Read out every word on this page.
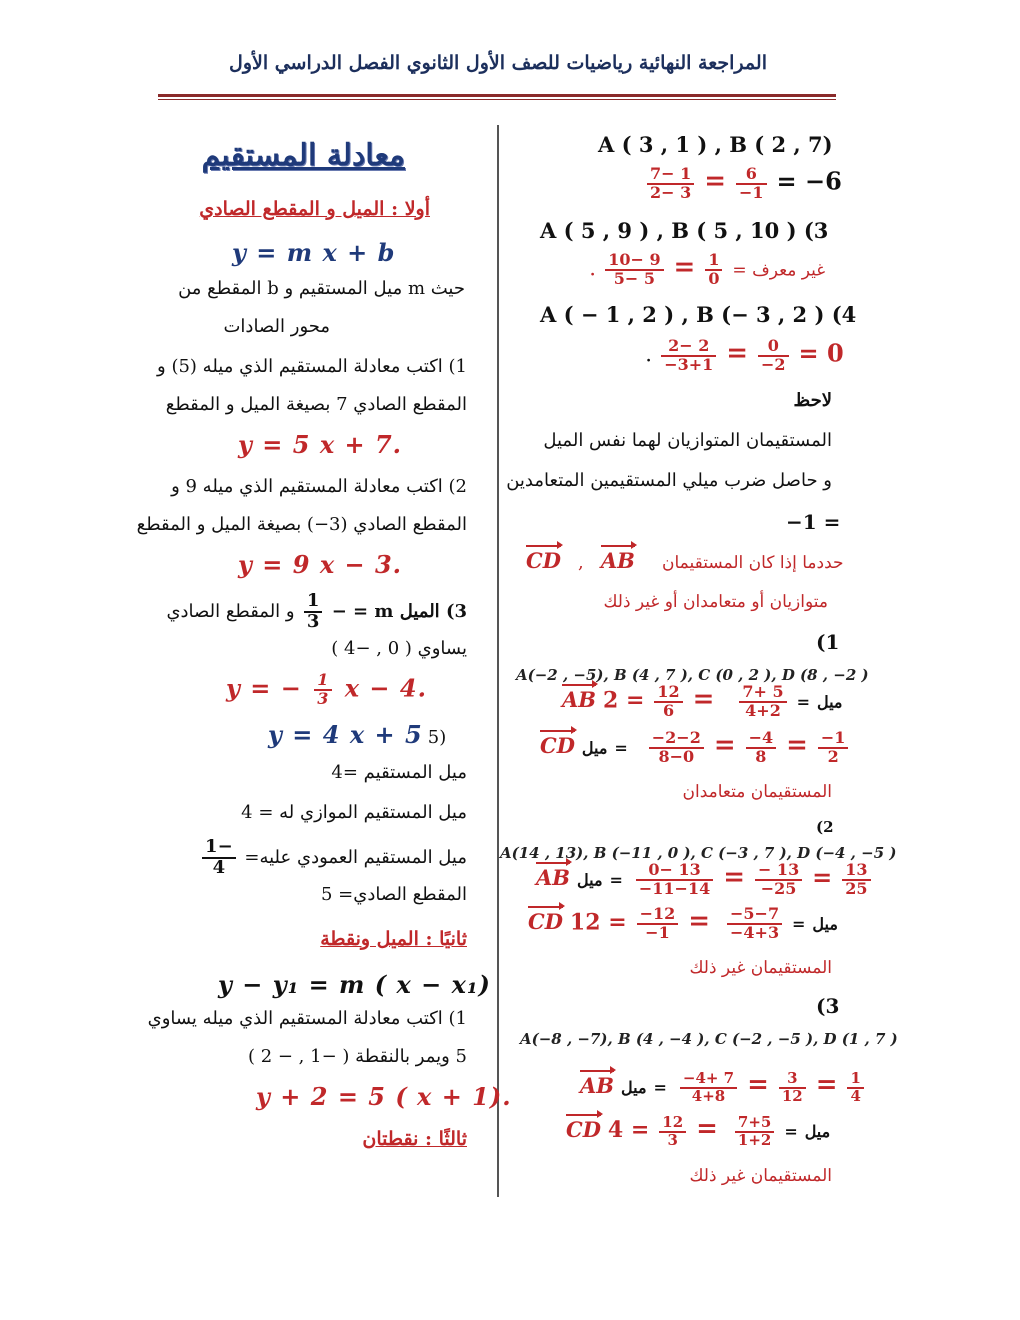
المراجعة النهائية رياضيات للصف الأول الثانوي الفصل الدراسي الأول
معادلة المستقيم
أولا : الميل و المقطع الصادي
y = m x + b
حيث m ميل المستقيم و b المقطع من
محور الصادات
1) اكتب معادلة المستقيم الذي ميله (5) و
المقطع الصادي 7 بصيغة الميل و المقطع
y = 5 x + 7.
2) اكتب معادلة المستقيم الذي ميله 9 و
المقطع الصادي (3−) بصيغة الميل و المقطع
y = 9 x − 3.
3) الميل m = −
$\frac{1}{3}$
و المقطع الصادي
يساوي ( 0 , −4 )
y = − $\frac{1}{3}$ x − 4.
y = 4 x + 5 5)
ميل المستقيم =4
ميل المستقيم الموازي له = 4
ميل المستقيم العمودي عليه=
$\frac{-1}{4}$
المقطع الصادي= 5
ثانيًا : الميل ونقطة
y − y₁ = m ( x − x₁)
1) اكتب معادلة المستقيم الذي ميله يساوي
5 ويمر بالنقطة ( −1 , − 2 )
y + 2 = 5 ( x + 1).
ثالثًا : نقطتان
A ( 3 , 1 ) , B ( 2 , 7)
$\frac{7- 1}{2- 3} = \frac{6}{-1} = -6$
A ( 5 , 9 ) , B ( 5 , 10 ) (3
. $\frac{10- 9}{5- 5} = \frac{1}{0}$ = غير معرف
A ( − 1 , 2 ) , B (− 3 , 2 ) (4
. $\frac{2- 2}{-3+1} = \frac{0}{-2} = 0$
لاحظ
المستقيمان المتوازيان لهما نفس الميل
و حاصل ضرب ميلي المستقيمين المتعامدين
−1 =
CD , AB حددما إذا كان المستقيمان
متوازيان أو متعامدان أو غير ذلك
(1
A(−2 , −5), B (4 , 7 ), C (0 , 2 ), D (8 , −2 )
AB	ميل =
$\frac{7+ 5}{4+2}$
=
$\frac{12}{6}$
= 2
CD ميل = $\frac{-2-2}{8-0} = \frac{-4}{8} = \frac{-1}{2}$
المستقيمان متعامدان
(2
A(14 , 13), B (−11 , 0 ), C (−3 , 7 ), D (−4 , −5 )
AB ميل = $\frac{0- 13}{-11-14} = \frac{- 13}{-25} = \frac{13}{25}$
CD	ميل =
$\frac{-5-7}{-4+3}$
=
$\frac{-12}{-1}$
= 12
المستقيمان غير ذلك
(3
A(−8 , −7), B (4 , −4 ), C (−2 , −5 ), D (1 , 7 )
AB ميل = $\frac{-4+ 7}{4+8} = \frac{3}{12} = \frac{1}{4}$
CD	ميل =
$\frac{7+5}{1+2}$
=
$\frac{12}{3}$
= 4
المستقيمان غير ذلك
